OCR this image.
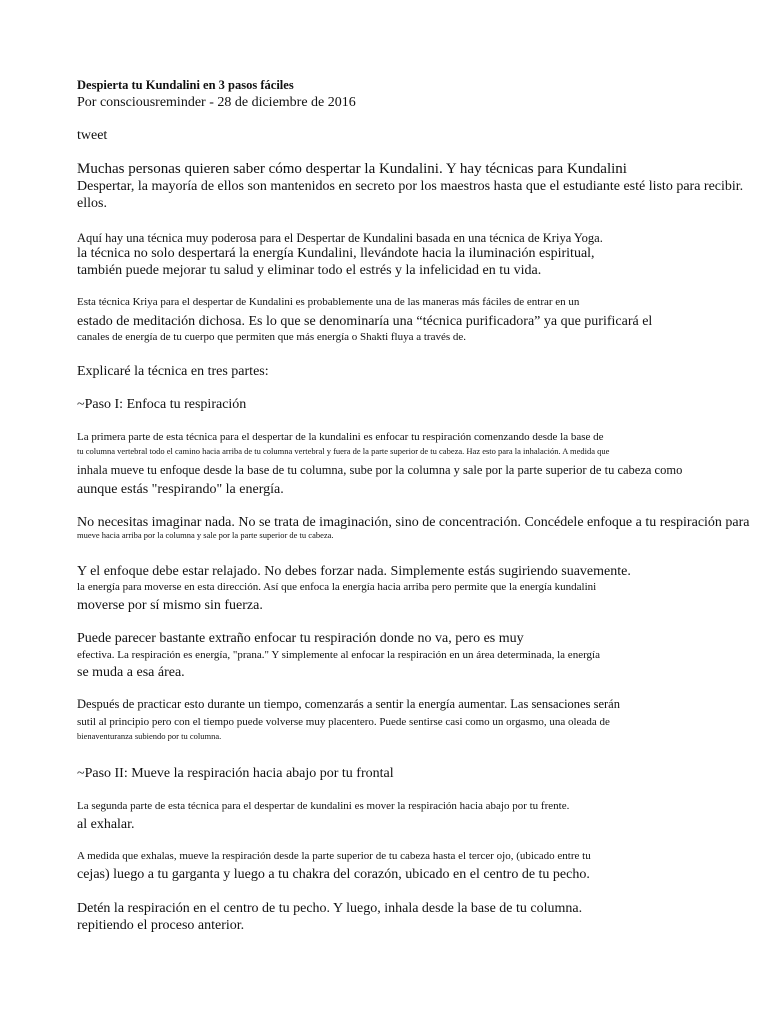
Despierta tu Kundalini en 3 pasos fáciles
Por consciousreminder - 28 de diciembre de 2016
tweet
Muchas personas quieren saber cómo despertar la Kundalini. Y hay técnicas para Kundalini
Despertar, la mayoría de ellos son mantenidos en secreto por los maestros hasta que el estudiante esté listo para recibir.
ellos.
Aquí hay una técnica muy poderosa para el Despertar de Kundalini basada en una técnica de Kriya Yoga.
la técnica no solo despertará la energía Kundalini, llevándote hacia la iluminación espiritual,
también puede mejorar tu salud y eliminar todo el estrés y la infelicidad en tu vida.
Esta técnica Kriya para el despertar de Kundalini es probablemente una de las maneras más fáciles de entrar en un
estado de meditación dichosa. Es lo que se denominaría una “técnica purificadora” ya que purificará el
canales de energía de tu cuerpo que permiten que más energía o Shakti fluya a través de.
Explicaré la técnica en tres partes:
~Paso I: Enfoca tu respiración
La primera parte de esta técnica para el despertar de la kundalini es enfocar tu respiración comenzando desde la base de
tu columna vertebral todo el camino hacia arriba de tu columna vertebral y fuera de la parte superior de tu cabeza. Haz esto para la inhalación. A medida que
inhala mueve tu enfoque desde la base de tu columna, sube por la columna y sale por la parte superior de tu cabeza como
aunque estás "respirando" la energía.
No necesitas imaginar nada. No se trata de imaginación, sino de concentración. Concédele enfoque a tu respiración para
mueve hacia arriba por la columna y sale por la parte superior de tu cabeza.
Y el enfoque debe estar relajado. No debes forzar nada. Simplemente estás sugiriendo suavemente.
la energía para moverse en esta dirección. Así que enfoca la energía hacia arriba pero permite que la energía kundalini
moverse por sí mismo sin fuerza.
Puede parecer bastante extraño enfocar tu respiración donde no va, pero es muy
efectiva. La respiración es energía, "prana." Y simplemente al enfocar la respiración en un área determinada, la energía
se muda a esa área.
Después de practicar esto durante un tiempo, comenzarás a sentir la energía aumentar. Las sensaciones serán
sutil al principio pero con el tiempo puede volverse muy placentero. Puede sentirse casi como un orgasmo, una oleada de
bienaventuranza subiendo por tu columna.
~Paso II: Mueve la respiración hacia abajo por tu frontal
La segunda parte de esta técnica para el despertar de kundalini es mover la respiración hacia abajo por tu frente.
al exhalar.
A medida que exhalas, mueve la respiración desde la parte superior de tu cabeza hasta el tercer ojo, (ubicado entre tu
cejas) luego a tu garganta y luego a tu chakra del corazón, ubicado en el centro de tu pecho.
Detén la respiración en el centro de tu pecho. Y luego, inhala desde la base de tu columna.
repitiendo el proceso anterior.
